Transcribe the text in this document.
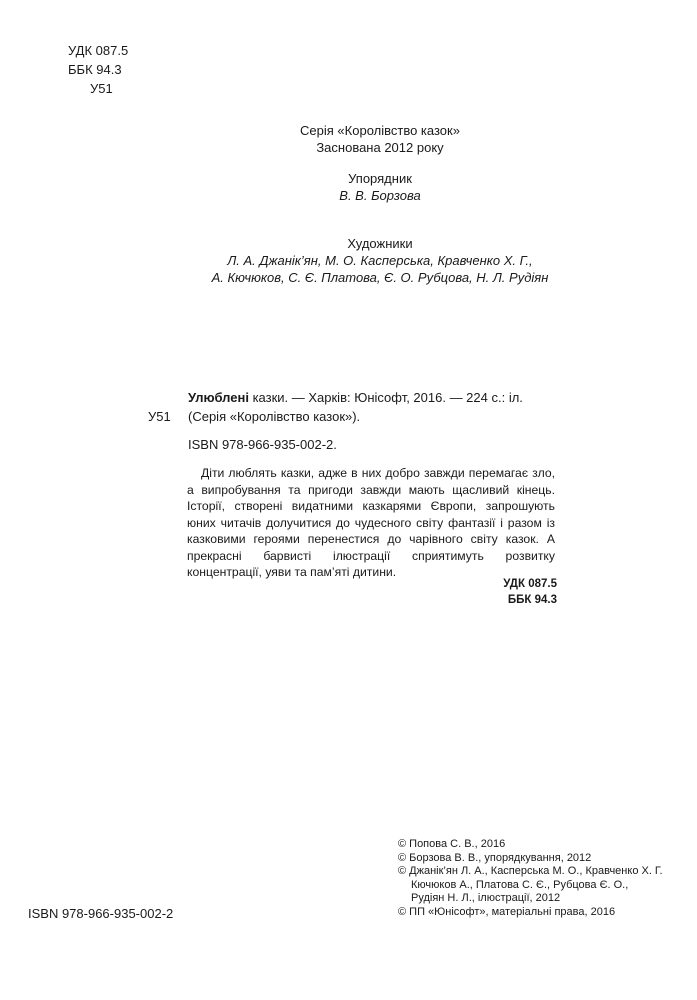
УДК 087.5
ББК 94.3
У51
Серія «Королівство казок»
Заснована 2012 року
Упорядник
В. В. Борзова
Художники
Л. А. Джанік’ян, М. О. Касперська, Кравченко Х. Г.,
А. Кючюков, С. Є. Платова, Є. О. Рубцова, Н. Л. Рудіян
Улюблені казки. — Харків: Юнісофт, 2016. — 224 с.: іл.
У51	(Серія «Королівство казок»).
ISBN 978-966-935-002-2.

Діти люблять казки, адже в них добро завжди перемагає зло, а випробування та пригоди завжди мають щасливий кінець. Історії, створені видатними казкарями Європи, запрошують юних читачів долучитися до чудесного світу фантазії і разом із казковими героями перенестися до чарівного світу казок. А прекрасні барвисті ілюстрації сприятимуть розвитку концентрації, уяви та пам’яті дитини.

УДК 087.5
ББК 94.3
© Попова С. В., 2016
© Борзова В. В., упорядкування, 2012
© Джанік’ян Л. А., Касперська М. О., Кравченко Х. Г.
Кючюков А., Платова С. Є., Рубцова Є. О.,
Рудіян Н. Л., ілюстрації, 2012
© ПП «Юнісофт», матеріальні права, 2016
ISBN 978-966-935-002-2
